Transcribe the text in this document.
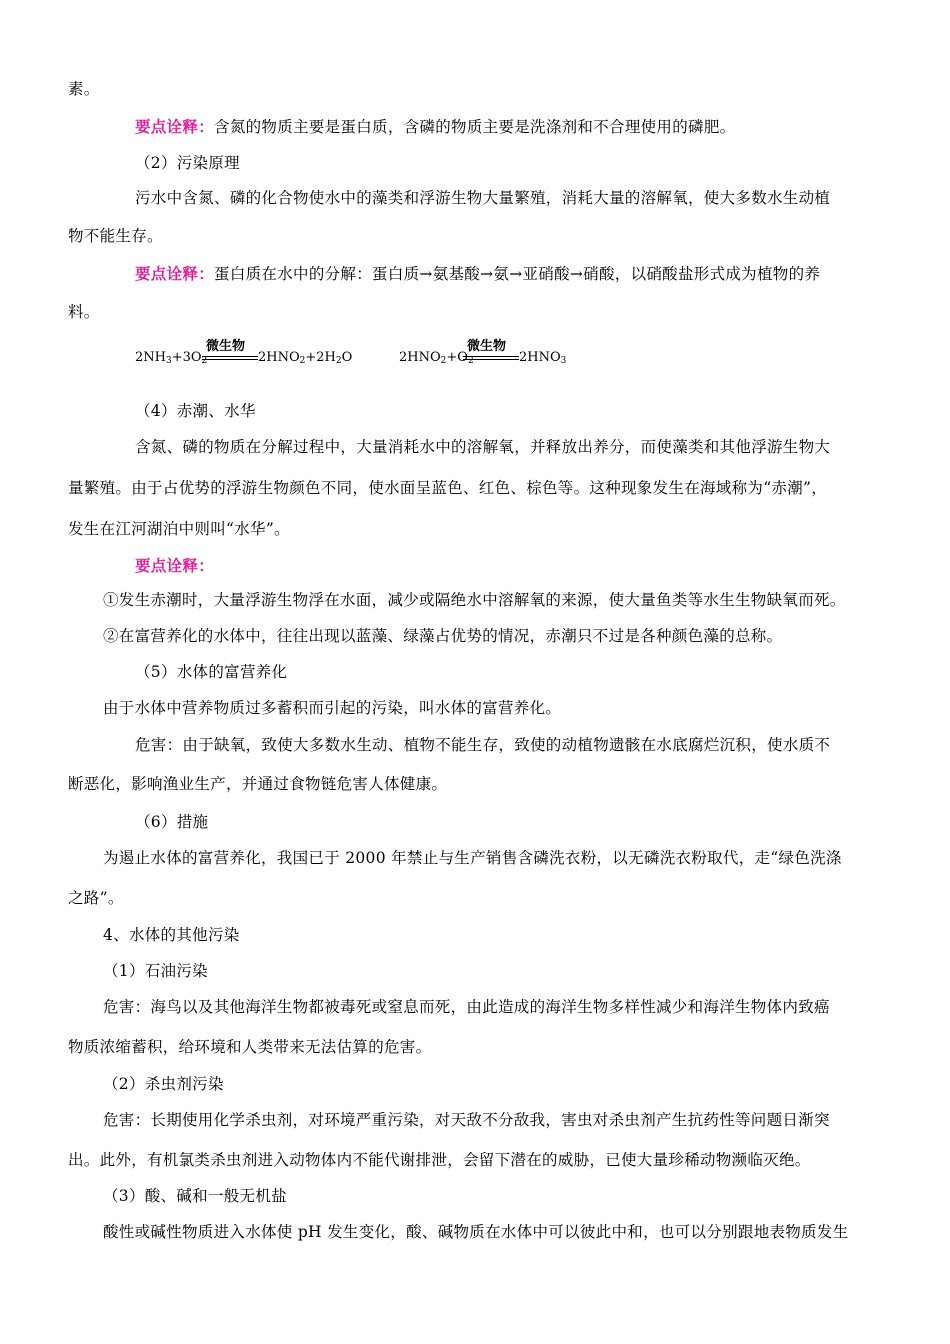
素。
要点诠释：含氮的物质主要是蛋白质，含磷的物质主要是洗涤剂和不合理使用的磷肥。
（2）污染原理
污水中含氮、磷的化合物使水中的藻类和浮游生物大量繁殖，消耗大量的溶解氧，使大多数水生动植
物不能生存。
要点诠释：蛋白质在水中的分解：蛋白质→氨基酸→氨→亚硝酸→硝酸，以硝酸盐形式成为植物的养
料。
$2NH_3+3O_2$
微生物
$2HNO_2+2H_2O$	$2HNO_2+O_2$
微生物
$2HNO_3$
（4）赤潮、水华
含氮、磷的物质在分解过程中，大量消耗水中的溶解氧，并释放出养分，而使藻类和其他浮游生物大
量繁殖。由于占优势的浮游生物颜色不同，使水面呈蓝色、红色、棕色等。这种现象发生在海域称为“赤潮”，
发生在江河湖泊中则叫“水华”。
要点诠释：
①发生赤潮时，大量浮游生物浮在水面，减少或隔绝水中溶解氧的来源，使大量鱼类等水生生物缺氧而死。
②在富营养化的水体中，往往出现以蓝藻、绿藻占优势的情况，赤潮只不过是各种颜色藻的总称。
（5）水体的富营养化
由于水体中营养物质过多蓄积而引起的污染，叫水体的富营养化。
危害：由于缺氧，致使大多数水生动、植物不能生存，致使的动植物遗骸在水底腐烂沉积，使水质不
断恶化，影响渔业生产，并通过食物链危害人体健康。
（6）措施
为遏止水体的富营养化，我国已于 2000 年禁止与生产销售含磷洗衣粉，以无磷洗衣粉取代，走“绿色洗涤
之路”。
4、水体的其他污染
（1）石油污染
危害：海鸟以及其他海洋生物都被毒死或窒息而死，由此造成的海洋生物多样性减少和海洋生物体内致癌
物质浓缩蓄积，给环境和人类带来无法估算的危害。
（2）杀虫剂污染
危害：长期使用化学杀虫剂，对环境严重污染，对天敌不分敌我，害虫对杀虫剂产生抗药性等问题日渐突
出。此外，有机氯类杀虫剂进入动物体内不能代谢排泄，会留下潜在的威胁，已使大量珍稀动物濒临灭绝。
（3）酸、碱和一般无机盐
酸性或碱性物质进入水体使 pH 发生变化，酸、碱物质在水体中可以彼此中和，也可以分别跟地表物质发生
